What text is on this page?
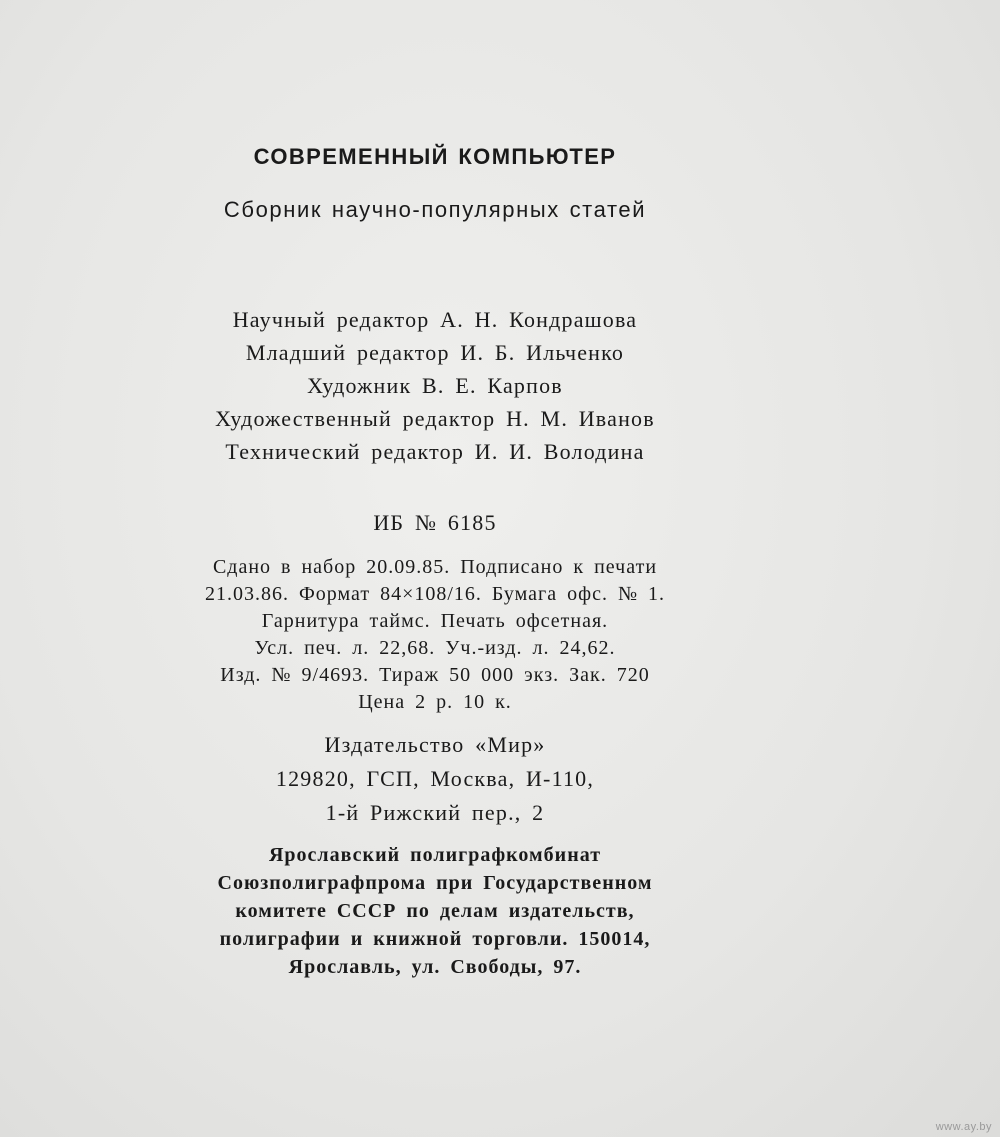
СОВРЕМЕННЫЙ КОМПЬЮТЕР
Сборник научно-популярных статей
Научный редактор А. Н. Кондрашова
Младший редактор И. Б. Ильченко
Художник В. Е. Карпов
Художественный редактор Н. М. Иванов
Технический редактор И. И. Володина
ИБ № 6185
Сдано в набор 20.09.85. Подписано к печати
21.03.86. Формат 84×108/16. Бумага офс. № 1.
Гарнитура таймс. Печать офсетная.
Усл. печ. л. 22,68. Уч.-изд. л. 24,62.
Изд. № 9/4693. Тираж 50 000 экз. Зак. 720
Цена 2 р. 10 к.
Издательство «Мир»
129820, ГСП, Москва, И-110,
1-й Рижский пер., 2
Ярославский полиграфкомбинат
Союзполиграфпрома при Государственном
комитете СССР по делам издательств,
полиграфии и книжной торговли. 150014,
Ярославль, ул. Свободы, 97.
www.ay.by
